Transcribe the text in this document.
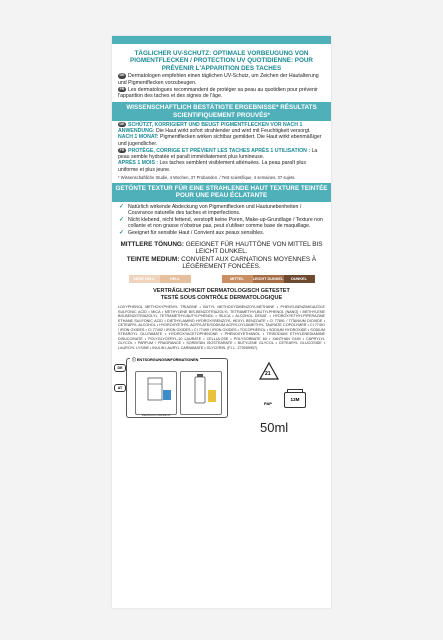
TÄGLICHER UV-SCHUTZ: OPTIMALE VORBEUGUNG VON PIGMENTFLECKEN / PROTECTION UV QUOTIDIENNE: POUR PRÉVENIR L'APPARITION DES TACHES
DE Dermatologen empfehlen einen täglichen UV-Schutz, um Zeichen der Hautalterung und Pigmentflecken vorzubeugen.
FR Les dermatologues recommandent de protéger sa peau au quotidien pour prévenir l'apparition des taches et des signes de l'âge.
WISSENSCHAFTLICH BESTÄTIGTE ERGEBNISSE* RÉSULTATS SCIENTIFIQUEMENT PROUVÉS*
DE SCHÜTZT, KORRIGIERT UND BEUGT PIGMENTFLECKEN VOR NACH 1 ANWENDUNG: Die Haut wirkt sofort strahlender und wird mit Feuchtigkeit versorgt. NACH 1 MONAT: Pigmentflecken wirken sichtbar gemildert. Die Haut wirkt ebenmäßiger und jugendlicher.
FR PROTÈGE, CORRIGE ET PRÉVIENT LES TACHES APRÈS 1 UTILISATION : La peau semble hydratée et paraît immédiatement plus lumineuse.
APRÈS 1 MOIS : Les taches semblent visiblement atténuées. La peau paraît plus uniforme et plus jeune.
* Wissenschaftliche Studie, 4 Wochen, 37 Probanden. / Test scientifique, 4 semaines, 37 sujets.
GETÖNTE TEXTUR FÜR EINE STRAHLENDE HAUT TEXTURE TEINTÉE POUR UNE PEAU ÉCLATANTE
✓ Natürlich wirkende Abdeckung von Pigmentflecken und Hautunebenheiten / Couvrance naturelle des taches et imperfections.
✓ Nicht klebend, nicht fettend, verstopft keine Poren, Make-up-Grundlage / Texture non collante et non grasse n'obstrue pas, peut s'utiliser comme base de maquillage.
✓ Geeignet für sensible Haut / Convient aux peaux sensibles.
MITTLERE TÖNUNG: GEEIGNET FÜR HAUTTÖNE VON MITTEL BIS LEICHT DUNKEL.
TEINTE MEDIUM: CONVIENT AUX CARNATIONS MOYENNES À LÉGÈREMENT FONCÉES.
SEHR HELL	HELL	MITTEL	LEICHT DUNKEL	DUNKEL
VERTRÄGLICHKEIT DERMATOLOGISCH GETESTET
TESTÉ SOUS CONTRÔLE DERMATOLOGIQUE
LOXYPHENOL METHOXYPHENYL TRIAZINE • BUTYL METHOXYDIBENZOYLMETHANE • PHENYLBENZIMIDAZOLE SULFONIC ACID • MICA • METHYLENE BIS-BENZOTRIAZOLYL TETRAMETHYLBUTYLPHENOL [NANO] / METHYLENE BIS-BENZOTRIAZOLYL TETRAMETHYLBUTYLPHENOL • SILICA • ALCOHOL DENAT. • HYDROXYETHYLPIPERAZINE ETHANE SULFONIC ACID • DIETHYLAMINO HYDROXYBENZOYL HEXYL BENZOATE • CI 77891 / TITANIUM DIOXIDE • CETEARYL ALCOHOL • HYDROXYETHYL ACRYLATE/SODIUM ACRYLOYLDIMETHYL TAURATE COPOLYMER • CI 77491 / IRON OXIDES • CI 77492 / IRON OXIDES • CI 77499 / IRON OXIDES • TOCOPHEROL • SODIUM HYDROXIDE • SODIUM STEAROYL GLUTAMATE • HYDROXYACETOPHENONE • PHENOXYETHANOL • TRISODIUM ETHYLENEDIAMINE DISUCCINATE • POLYGLYCERYL-10 LAURATE • CELLULOSE • POLYSORBATE 60 • XANTHAN GUM • CAPRYLYL GLYCOL • PARFUM / FRAGRANCE • SORBITAN ISOSTEARATE • BUTYLENE GLYCOL • CETEARYL GLUCOSIDE • LAUROYL LYSINE • INULIN LAURYL CARBAMATE • GLYCERIN. (F.I.L. Z70059957).
ⓘ ENTSORGUNGSINFORMATIONEN
VERPACKUNGSBOX
DE
AT
21
PAP
12M
50ml
